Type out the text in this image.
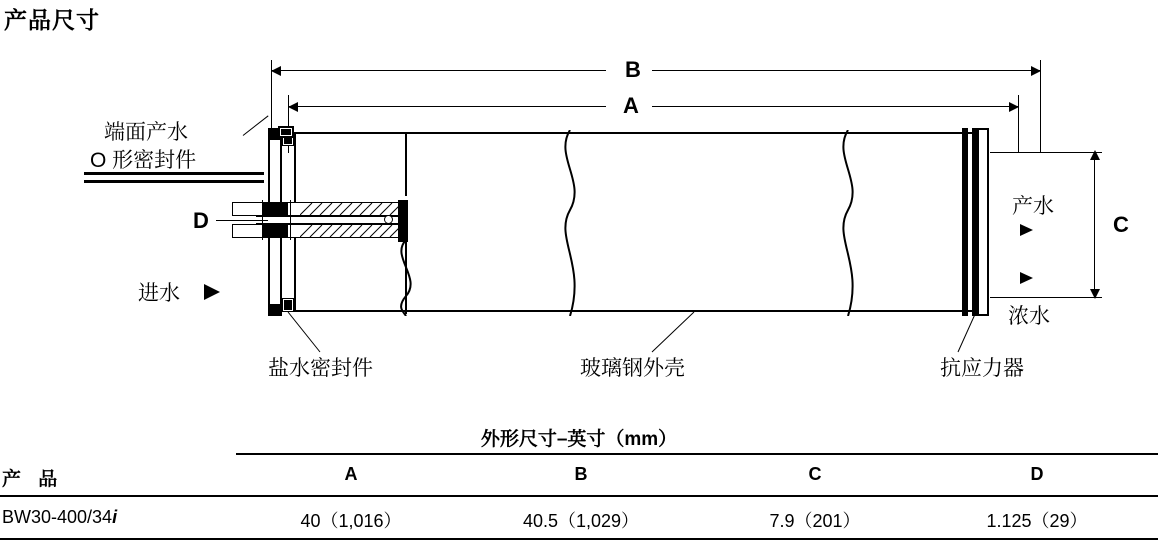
产品尺寸
B
A
D	C
端面产水
O 形密封件
进水
盐水密封件	玻璃钢外壳	抗应力器
产水
浓水
外形尺寸–英寸（mm）
产 品	A	B	C	D
BW30-400/34i	40（1,016）	40.5（1,029）	7.9（201）	1.125（29）
